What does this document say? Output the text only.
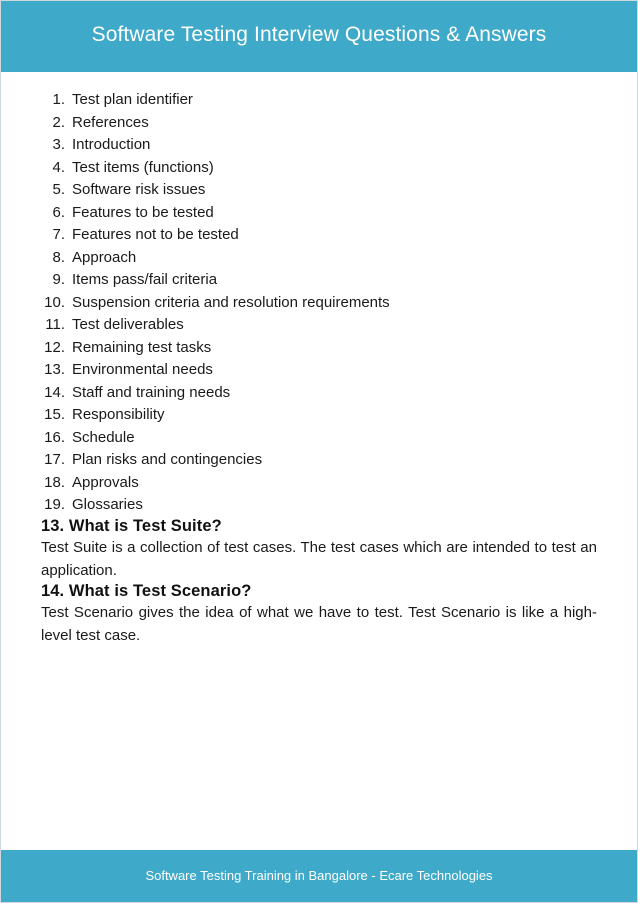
Software Testing Interview Questions & Answers
1. Test plan identifier
2. References
3. Introduction
4. Test items (functions)
5. Software risk issues
6. Features to be tested
7. Features not to be tested
8. Approach
9. Items pass/fail criteria
10. Suspension criteria and resolution requirements
11. Test deliverables
12. Remaining test tasks
13. Environmental needs
14. Staff and training needs
15. Responsibility
16. Schedule
17. Plan risks and contingencies
18. Approvals
19. Glossaries
13. What is Test Suite?

Test Suite is a collection of test cases. The test cases which are intended to test an application.

14. What is Test Scenario?

Test Scenario gives the idea of what we have to test. Test Scenario is like a high-level test case.

Software Testing Training in Bangalore - Ecare Technologies
